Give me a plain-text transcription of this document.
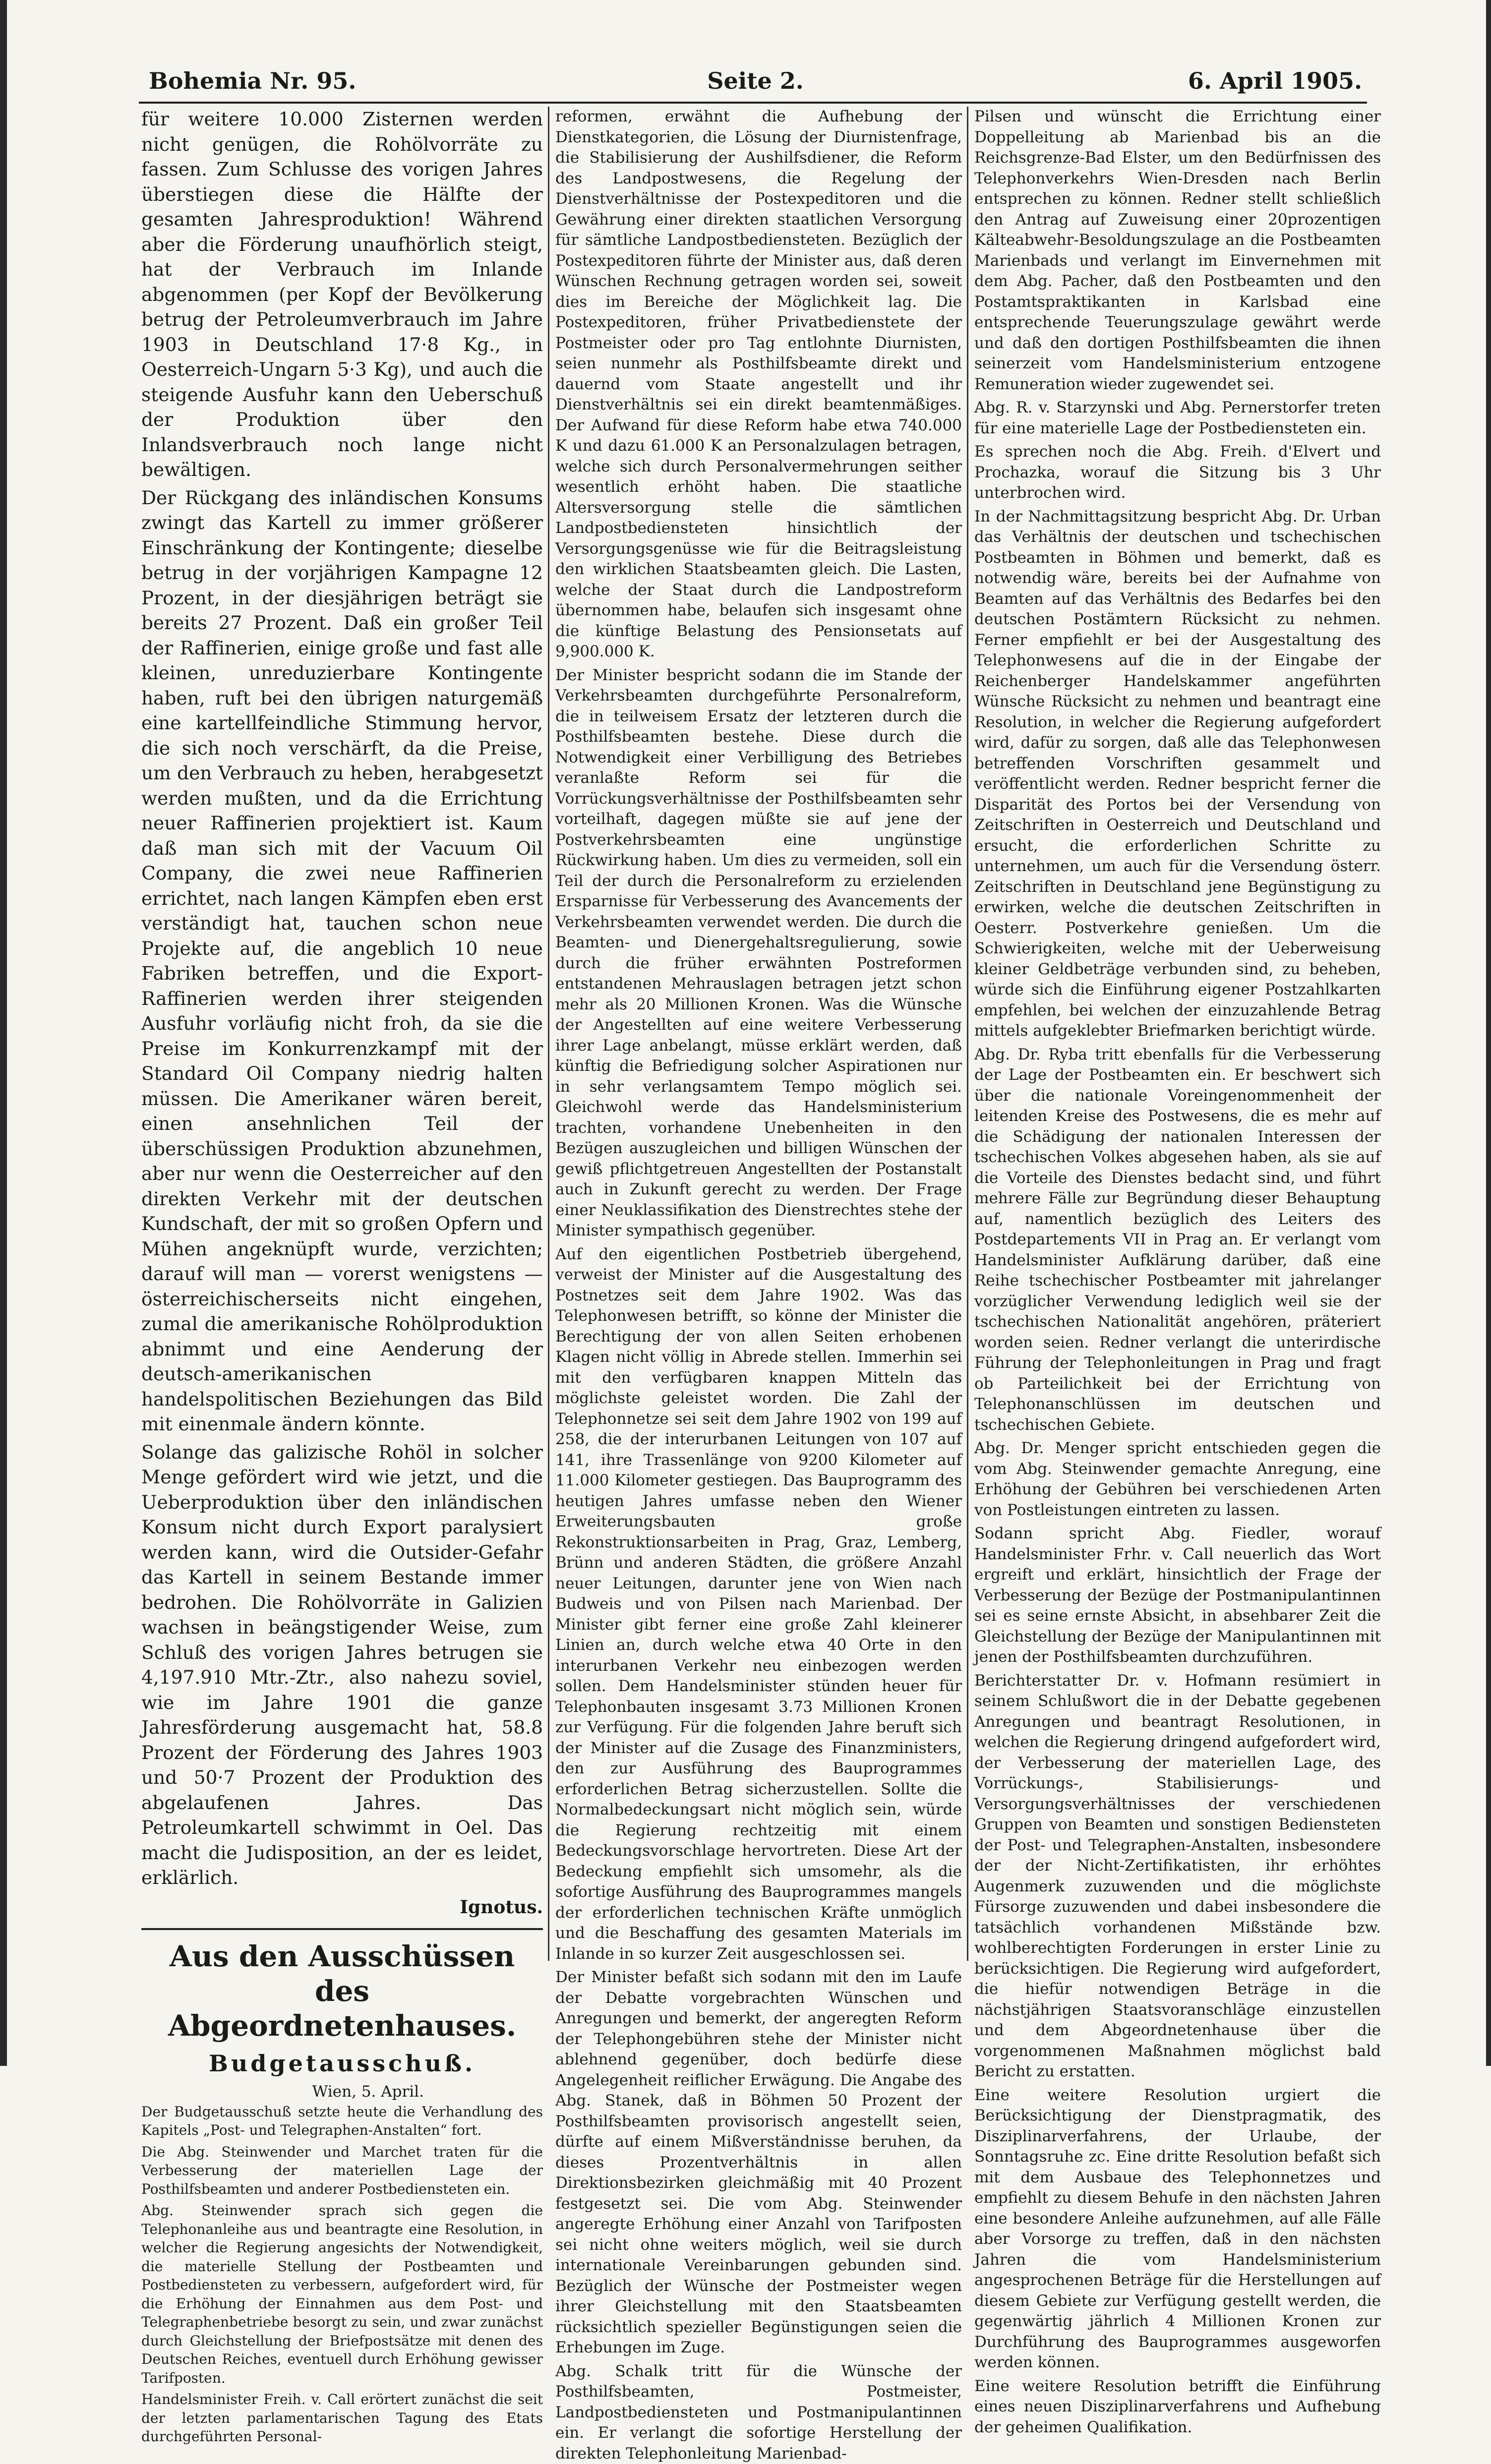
Bohemia Nr. 95.	Seite 2.	6. April 1905.

für weitere 10.000 Zisternen werden nicht genügen, die Rohölvorräte zu fassen. Zum Schlusse des vorigen Jahres überstiegen diese die Hälfte der gesamten Jahresproduktion! Während aber die Förderung unaufhörlich steigt, hat der Verbrauch im Inlande abgenommen (per Kopf der Bevölkerung betrug der Petroleumverbrauch im Jahre 1903 in Deutschland 17·8 Kg., in Oesterreich-Ungarn 5·3 Kg), und auch die steigende Ausfuhr kann den Ueberschuß der Produktion über den Inlandsverbrauch noch lange nicht bewältigen.

Der Rückgang des inländischen Konsums zwingt das Kartell zu immer größerer Einschränkung der Kontingente; dieselbe betrug in der vorjährigen Kampagne 12 Prozent, in der diesjährigen beträgt sie bereits 27 Prozent. Daß ein großer Teil der Raffinerien, einige große und fast alle kleinen, unreduzierbare Kontingente haben, ruft bei den übrigen naturgemäß eine kartellfeindliche Stimmung hervor, die sich noch verschärft, da die Preise, um den Verbrauch zu heben, herabgesetzt werden mußten, und da die Errichtung neuer Raffinerien projektiert ist. Kaum daß man sich mit der Vacuum Oil Company, die zwei neue Raffinerien errichtet, nach langen Kämpfen eben erst verständigt hat, tauchen schon neue Projekte auf, die angeblich 10 neue Fabriken betreffen, und die Export-Raffinerien werden ihrer steigenden Ausfuhr vorläufig nicht froh, da sie die Preise im Konkurrenzkampf mit der Standard Oil Company niedrig halten müssen. Die Amerikaner wären bereit, einen ansehnlichen Teil der überschüssigen Produktion abzunehmen, aber nur wenn die Oesterreicher auf den direkten Verkehr mit der deutschen Kundschaft, der mit so großen Opfern und Mühen angeknüpft wurde, verzichten; darauf will man — vorerst wenigstens — österreichischerseits nicht eingehen, zumal die amerikanische Rohölproduktion abnimmt und eine Aenderung der deutsch-amerikanischen handelspolitischen Beziehungen das Bild mit einenmale ändern könnte.

Solange das galizische Rohöl in solcher Menge gefördert wird wie jetzt, und die Ueberproduktion über den inländischen Konsum nicht durch Export paralysiert werden kann, wird die Outsider-Gefahr das Kartell in seinem Bestande immer bedrohen. Die Rohölvorräte in Galizien wachsen in beängstigender Weise, zum Schluß des vorigen Jahres betrugen sie 4,197.910 Mtr.-Ztr., also nahezu soviel, wie im Jahre 1901 die ganze Jahresförderung ausgemacht hat, 58.8 Prozent der Förderung des Jahres 1903 und 50·7 Prozent der Produktion des abgelaufenen Jahres. Das Petroleumkartell schwimmt in Oel. Das macht die Judisposition, an der es leidet, erklärlich.

Ignotus.
Aus den Ausschüssen des Abgeordnetenhauses.
Budgetausschuß.
Wien, 5. April.

Der Budgetausschuß setzte heute die Verhandlung des Kapitels „Post- und Telegraphen-Anstalten“ fort.

Die Abg. Steinwender und Marchet traten für die Verbesserung der materiellen Lage der Posthilfsbeamten und anderer Postbediensteten ein.

Abg. Steinwender sprach sich gegen die Telephonanleihe aus und beantragte eine Resolution, in welcher die Regierung angesichts der Notwendigkeit, die materielle Stellung der Postbeamten und Postbediensteten zu verbessern, aufgefordert wird, für die Erhöhung der Einnahmen aus dem Post- und Telegraphenbetriebe besorgt zu sein, und zwar zunächst durch Gleichstellung der Briefpostsätze mit denen des Deutschen Reiches, eventuell durch Erhöhung gewisser Tarifposten.

Handelsminister Freih. v. Call erörtert zunächst die seit der letzten parlamentarischen Tagung des Etats durchgeführten Personal-

reformen, erwähnt die Aufhebung der Dienstkategorien, die Lösung der Diurnistenfrage, die Stabilisierung der Aushilfsdiener, die Reform des Landpostwesens, die Regelung der Dienstverhältnisse der Postexpeditoren und die Gewährung einer direkten staatlichen Versorgung für sämtliche Landpostbediensteten. Bezüglich der Postexpeditoren führte der Minister aus, daß deren Wünschen Rechnung getragen worden sei, soweit dies im Bereiche der Möglichkeit lag. Die Postexpeditoren, früher Privatbedienstete der Postmeister oder pro Tag entlohnte Diurnisten, seien nunmehr als Posthilfsbeamte direkt und dauernd vom Staate angestellt und ihr Dienstverhältnis sei ein direkt beamtenmäßiges. Der Aufwand für diese Reform habe etwa 740.000 K und dazu 61.000 K an Personalzulagen betragen, welche sich durch Personalvermehrungen seither wesentlich erhöht haben. Die staatliche Altersversorgung stelle die sämtlichen Landpostbediensteten hinsichtlich der Versorgungsgenüsse wie für die Beitragsleistung den wirklichen Staatsbeamten gleich. Die Lasten, welche der Staat durch die Landpostreform übernommen habe, belaufen sich insgesamt ohne die künftige Belastung des Pensionsetats auf 9,900.000 K.

Der Minister bespricht sodann die im Stande der Verkehrsbeamten durchgeführte Personalreform, die in teilweisem Ersatz der letzteren durch die Posthilfsbeamten bestehe. Diese durch die Notwendigkeit einer Verbilligung des Betriebes veranlaßte Reform sei für die Vorrückungsverhältnisse der Posthilfsbeamten sehr vorteilhaft, dagegen müßte sie auf jene der Postverkehrsbeamten eine ungünstige Rückwirkung haben. Um dies zu vermeiden, soll ein Teil der durch die Personalreform zu erzielenden Ersparnisse für Verbesserung des Avancements der Verkehrsbeamten verwendet werden. Die durch die Beamten- und Dienergehaltsregulierung, sowie durch die früher erwähnten Postreformen entstandenen Mehrauslagen betragen jetzt schon mehr als 20 Millionen Kronen. Was die Wünsche der Angestellten auf eine weitere Verbesserung ihrer Lage anbelangt, müsse erklärt werden, daß künftig die Befriedigung solcher Aspirationen nur in sehr verlangsamtem Tempo möglich sei. Gleichwohl werde das Handelsministerium trachten, vorhandene Unebenheiten in den Bezügen auszugleichen und billigen Wünschen der gewiß pflichtgetreuen Angestellten der Postanstalt auch in Zukunft gerecht zu werden. Der Frage einer Neuklassifikation des Dienstrechtes stehe der Minister sympathisch gegenüber.

Auf den eigentlichen Postbetrieb übergehend, verweist der Minister auf die Ausgestaltung des Postnetzes seit dem Jahre 1902. Was das Telephonwesen betrifft, so könne der Minister die Berechtigung der von allen Seiten erhobenen Klagen nicht völlig in Abrede stellen. Immerhin sei mit den verfügbaren knappen Mitteln das möglichste geleistet worden. Die Zahl der Telephonnetze sei seit dem Jahre 1902 von 199 auf 258, die der interurbanen Leitungen von 107 auf 141, ihre Trassenlänge von 9200 Kilometer auf 11.000 Kilometer gestiegen. Das Bauprogramm des heutigen Jahres umfasse neben den Wiener Erweiterungsbauten große Rekonstruktionsarbeiten in Prag, Graz, Lemberg, Brünn und anderen Städten, die größere Anzahl neuer Leitungen, darunter jene von Wien nach Budweis und von Pilsen nach Marienbad. Der Minister gibt ferner eine große Zahl kleinerer Linien an, durch welche etwa 40 Orte in den interurbanen Verkehr neu einbezogen werden sollen. Dem Handelsminister stünden heuer für Telephonbauten insgesamt 3.73 Millionen Kronen zur Verfügung. Für die folgenden Jahre beruft sich der Minister auf die Zusage des Finanzministers, den zur Ausführung des Bauprogrammes erforderlichen Betrag sicherzustellen. Sollte die Normalbedeckungsart nicht möglich sein, würde die Regierung rechtzeitig mit einem Bedeckungsvorschlage hervortreten. Diese Art der Bedeckung empfiehlt sich umsomehr, als die sofortige Ausführung des Bauprogrammes mangels der erforderlichen technischen Kräfte unmöglich und die Beschaffung des gesamten Materials im Inlande in so kurzer Zeit ausgeschlossen sei.

Der Minister befaßt sich sodann mit den im Laufe der Debatte vorgebrachten Wünschen und Anregungen und bemerkt, der angeregten Reform der Telephongebühren stehe der Minister nicht ablehnend gegenüber, doch bedürfe diese Angelegenheit reiflicher Erwägung. Die Angabe des Abg. Stanek, daß in Böhmen 50 Prozent der Posthilfsbeamten provisorisch angestellt seien, dürfte auf einem Mißverständnisse beruhen, da dieses Prozentverhältnis in allen Direktionsbezirken gleichmäßig mit 40 Prozent festgesetzt sei. Die vom Abg. Steinwender angeregte Erhöhung einer Anzahl von Tarifposten sei nicht ohne weiters möglich, weil sie durch internationale Vereinbarungen gebunden sind. Bezüglich der Wünsche der Postmeister wegen ihrer Gleichstellung mit den Staatsbeamten rücksichtlich spezieller Begünstigungen seien die Erhebungen im Zuge.

Abg. Schalk tritt für die Wünsche der Posthilfsbeamten, Postmeister, Landpostbediensteten und Postmanipulantinnen ein. Er verlangt die sofortige Herstellung der direkten Telephonleitung Marienbad-

Pilsen und wünscht die Errichtung einer Doppelleitung ab Marienbad bis an die Reichsgrenze-Bad Elster, um den Bedürfnissen des Telephonverkehrs Wien-Dresden nach Berlin entsprechen zu können. Redner stellt schließlich den Antrag auf Zuweisung einer 20prozentigen Kälteabwehr-Besoldungszulage an die Postbeamten Marienbads und verlangt im Einvernehmen mit dem Abg. Pacher, daß den Postbeamten und den Postamtspraktikanten in Karlsbad eine entsprechende Teuerungszulage gewährt werde und daß den dortigen Posthilfsbeamten die ihnen seinerzeit vom Handelsministerium entzogene Remuneration wieder zugewendet sei.

Abg. R. v. Starzynski und Abg. Pernerstorfer treten für eine materielle Lage der Postbediensteten ein.

Es sprechen noch die Abg. Freih. d'Elvert und Prochazka, worauf die Sitzung bis 3 Uhr unterbrochen wird.

In der Nachmittagsitzung bespricht Abg. Dr. Urban das Verhältnis der deutschen und tschechischen Postbeamten in Böhmen und bemerkt, daß es notwendig wäre, bereits bei der Aufnahme von Beamten auf das Verhältnis des Bedarfes bei den deutschen Postämtern Rücksicht zu nehmen. Ferner empfiehlt er bei der Ausgestaltung des Telephonwesens auf die in der Eingabe der Reichenberger Handelskammer angeführten Wünsche Rücksicht zu nehmen und beantragt eine Resolution, in welcher die Regierung aufgefordert wird, dafür zu sorgen, daß alle das Telephonwesen betreffenden Vorschriften gesammelt und veröffentlicht werden. Redner bespricht ferner die Disparität des Portos bei der Versendung von Zeitschriften in Oesterreich und Deutschland und ersucht, die erforderlichen Schritte zu unternehmen, um auch für die Versendung österr. Zeitschriften in Deutschland jene Begünstigung zu erwirken, welche die deutschen Zeitschriften in Oesterr. Postverkehre genießen. Um die Schwierigkeiten, welche mit der Ueberweisung kleiner Geldbeträge verbunden sind, zu beheben, würde sich die Einführung eigener Postzahlkarten empfehlen, bei welchen der einzuzahlende Betrag mittels aufgeklebter Briefmarken berichtigt würde.

Abg. Dr. Ryba tritt ebenfalls für die Verbesserung der Lage der Postbeamten ein. Er beschwert sich über die nationale Voreingenommenheit der leitenden Kreise des Postwesens, die es mehr auf die Schädigung der nationalen Interessen der tschechischen Volkes abgesehen haben, als sie auf die Vorteile des Dienstes bedacht sind, und führt mehrere Fälle zur Begründung dieser Behauptung auf, namentlich bezüglich des Leiters des Postdepartements VII in Prag an. Er verlangt vom Handelsminister Aufklärung darüber, daß eine Reihe tschechischer Postbeamter mit jahrelanger vorzüglicher Verwendung lediglich weil sie der tschechischen Nationalität angehören, präteriert worden seien. Redner verlangt die unterirdische Führung der Telephonleitungen in Prag und fragt ob Parteilichkeit bei der Errichtung von Telephonanschlüssen im deutschen und tschechischen Gebiete.

Abg. Dr. Menger spricht entschieden gegen die vom Abg. Steinwender gemachte Anregung, eine Erhöhung der Gebühren bei verschiedenen Arten von Postleistungen eintreten zu lassen.

Sodann spricht Abg. Fiedler, worauf Handelsminister Frhr. v. Call neuerlich das Wort ergreift und erklärt, hinsichtlich der Frage der Verbesserung der Bezüge der Postmanipulantinnen sei es seine ernste Absicht, in absehbarer Zeit die Gleichstellung der Bezüge der Manipulantinnen mit jenen der Posthilfsbeamten durchzuführen.

Berichterstatter Dr. v. Hofmann resümiert in seinem Schlußwort die in der Debatte gegebenen Anregungen und beantragt Resolutionen, in welchen die Regierung dringend aufgefordert wird, der Verbesserung der materiellen Lage, des Vorrückungs-, Stabilisierungs- und Versorgungsverhältnisses der verschiedenen Gruppen von Beamten und sonstigen Bediensteten der Post- und Telegraphen-Anstalten, insbesondere der der Nicht-Zertifikatisten, ihr erhöhtes Augenmerk zuzuwenden und die möglichste Fürsorge zuzuwenden und dabei insbesondere die tatsächlich vorhandenen Mißstände bzw. wohlberechtigten Forderungen in erster Linie zu berücksichtigen. Die Regierung wird aufgefordert, die hiefür notwendigen Beträge in die nächstjährigen Staatsvoranschläge einzustellen und dem Abgeordnetenhause über die vorgenommenen Maßnahmen möglichst bald Bericht zu erstatten.

Eine weitere Resolution urgiert die Berücksichtigung der Dienstpragmatik, des Disziplinarverfahrens, der Urlaube, der Sonntagsruhe zc. Eine dritte Resolution befaßt sich mit dem Ausbaue des Telephonnetzes und empfiehlt zu diesem Behufe in den nächsten Jahren eine besondere Anleihe aufzunehmen, auf alle Fälle aber Vorsorge zu treffen, daß in den nächsten Jahren die vom Handelsministerium angesprochenen Beträge für die Herstellungen auf diesem Gebiete zur Verfügung gestellt werden, die gegenwärtig jährlich 4 Millionen Kronen zur Durchführung des Bauprogrammes ausgeworfen werden können.

Eine weitere Resolution betrifft die Einführung eines neuen Disziplinarverfahrens und Aufhebung der geheimen Qualifikation.
